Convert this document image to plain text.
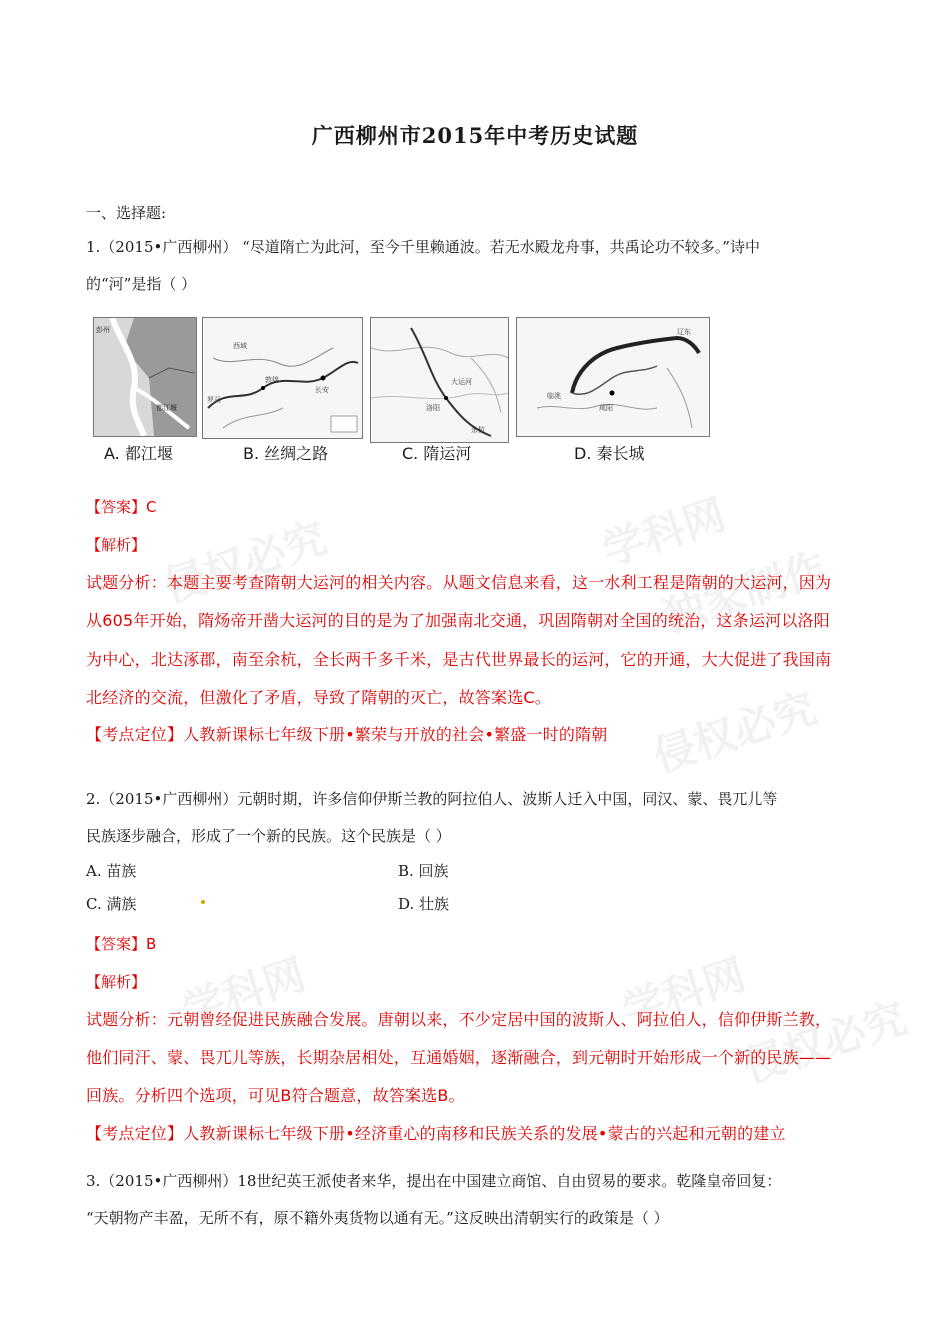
学科网
独家制作
侵权必究
学科网
侵权必究
学科网
侵权必究
广西柳州市2015年中考历史试题
一、选择题:
1.（2015•广西柳州） “尽道隋亡为此河，至今千里赖通波。若无水殿龙舟事，共禹论功不较多。”诗中
的“河”是指（ ）
彭州
都江堰
罗马
长安
敦煌
西域
大运河
余杭
洛阳	咸阳
辽东
临洮
A. 都江堰	B. 丝绸之路	C. 隋运河	D. 秦长城
【答案】C
【解析】
试题分析：本题主要考查隋朝大运河的相关内容。从题文信息来看，这一水利工程是隋朝的大运河，因为
从605年开始，隋炀帝开凿大运河的目的是为了加强南北交通，巩固隋朝对全国的统治，这条运河以洛阳
为中心，北达涿郡，南至余杭，全长两千多千米，是古代世界最长的运河，它的开通，大大促进了我国南
北经济的交流，但激化了矛盾，导致了隋朝的灭亡，故答案选C。
【考点定位】人教新课标七年级下册•繁荣与开放的社会•繁盛一时的隋朝
2.（2015•广西柳州）元朝时期，许多信仰伊斯兰教的阿拉伯人、波斯人迁入中国，同汉、蒙、畏兀儿等
民族逐步融合，形成了一个新的民族。这个民族是（ ）
A. 苗族	B. 回族
C. 满族	D. 壮族
【答案】B
【解析】
试题分析：元朝曾经促进民族融合发展。唐朝以来，不少定居中国的波斯人、阿拉伯人，信仰伊斯兰教，
他们同汗、蒙、畏兀儿等族，长期杂居相处，互通婚姻，逐渐融合，到元朝时开始形成一个新的民族——
回族。分析四个选项，可见B符合题意，故答案选B。
【考点定位】人教新课标七年级下册•经济重心的南移和民族关系的发展•蒙古的兴起和元朝的建立
3.（2015•广西柳州）18世纪英王派使者来华，提出在中国建立商馆、自由贸易的要求。乾隆皇帝回复：
“天朝物产丰盈，无所不有，原不籍外夷货物以通有无。”这反映出清朝实行的政策是（ ）
